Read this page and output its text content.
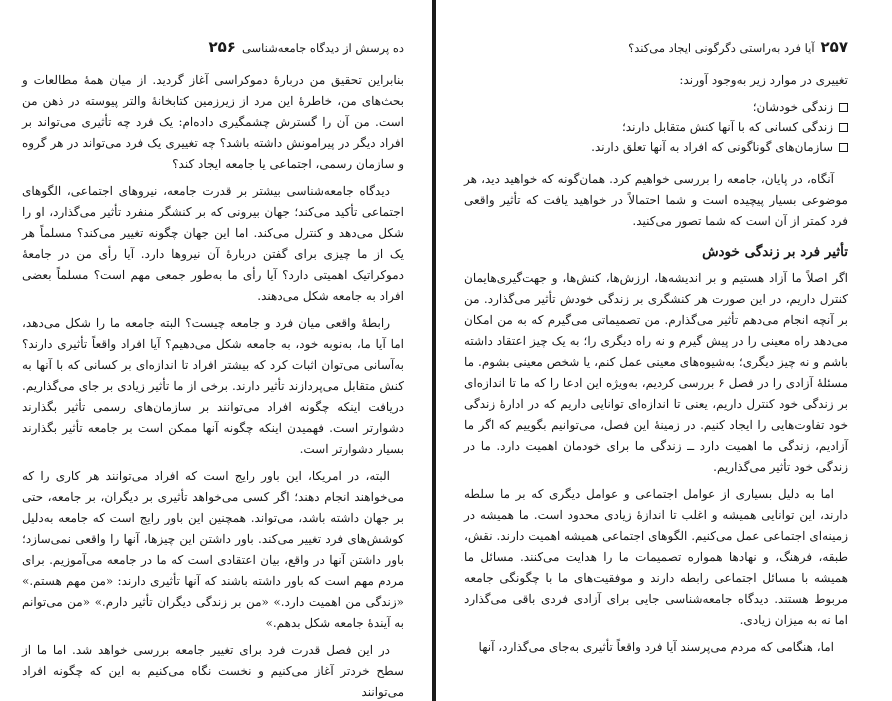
۲۵۶ ده پرسش از دیدگاه جامعه‌شناسی

بنابراین تحقیق من دربارهٔ دموکراسی آغاز گردید. از میان همهٔ مطالعات و بحث‌های من، خاطرهٔ این مرد از زیرزمین کتابخانهٔ والتر پیوسته در ذهن من است. من آن را گسترش چشمگیری داده‌ام: یک فرد چه تأثیری می‌تواند بر افراد دیگر در پیرامونش داشته باشد؟ چه تغییری یک فرد می‌تواند در هر گروه و سازمان رسمی، اجتماعی یا جامعه ایجاد کند؟

دیدگاه جامعه‌شناسی بیشتر بر قدرت جامعه، نیروهای اجتماعی، الگوهای اجتماعی تأکید می‌کند؛ جهان بیرونی که بر کنشگر منفرد تأثیر می‌گذارد، او را شکل می‌دهد و کنترل می‌کند. اما این جهان چگونه تغییر می‌کند؟ مسلماً هر یک از ما چیزی برای گفتن دربارهٔ آن نیروها دارد. آیا رأی من در جامعهٔ دموکراتیک اهمیتی دارد؟ آیا رأی ما به‌طور جمعی مهم است؟ مسلماً بعضی افراد به جامعه شکل می‌دهند.

رابطهٔ واقعی میان فرد و جامعه چیست؟ البته جامعه ما را شکل می‌دهد، اما آیا ما، به‌نوبه خود، به جامعه شکل می‌دهیم؟ آیا افراد واقعاً تأثیری دارند؟ به‌آسانی می‌توان اثبات کرد که بیشتر افراد تا اندازه‌ای بر کسانی که با آنها به کنش متقابل می‌پردازند تأثیر دارند. برخی از ما تأثیر زیادی بر جای می‌گذاریم. دریافت اینکه چگونه افراد می‌توانند بر سازمان‌های رسمی تأثیر بگذارند دشوارتر است. فهمیدن اینکه چگونه آنها ممکن است بر جامعه تأثیر بگذارند بسیار دشوارتر است.

البته، در امریکا، این باور رایج است که افراد می‌توانند هر کاری را که می‌خواهند انجام دهند؛ اگر کسی می‌خواهد تأثیری بر دیگران، بر جامعه، حتی بر جهان داشته باشد، می‌تواند. همچنین این باور رایج است که جامعه به‌دلیل کوشش‌های فرد تغییر می‌کند. باور داشتن این چیزها، آنها را واقعی نمی‌سازد؛ باور داشتن آنها در واقع، بیان اعتقادی است که ما در جامعه می‌آموزیم. برای مردم مهم است که باور داشته باشند که آنها تأثیری دارند: «من مهم هستم.» «زندگی من اهمیت دارد.» «من بر زندگی دیگران تأثیر دارم.» «من می‌توانم به آیندهٔ جامعه شکل بدهم.»

در این فصل قدرت فرد برای تغییر جامعه بررسی خواهد شد. اما ما از سطح خردتر آغاز می‌کنیم و نخست نگاه می‌کنیم به این که چگونه افراد می‌توانند

۲۵۷
آیا فرد به‌راستی دگرگونی ایجاد می‌کند؟

تغییری در موارد زیر به‌وجود آورند:

زندگی خودشان؛
زندگی کسانی که با آنها کنش متقابل دارند؛
سازمان‌های گوناگونی که افراد به آنها تعلق دارند.

آنگاه، در پایان، جامعه را بررسی خواهیم کرد. همان‌گونه که خواهید دید، هر موضوعی بسیار پیچیده است و شما احتمالاً در خواهید یافت که تأثیر واقعی فرد کمتر از آن است که شما تصور می‌کنید.

تأثیر فرد بر زندگی خودش

اگر اصلاً ما آزاد هستیم و بر اندیشه‌ها، ارزش‌ها، کنش‌ها، و جهت‌گیری‌هایمان کنترل داریم، در این صورت هر کنشگری بر زندگی خودش تأثیر می‌گذارد. من بر آنچه انجام می‌دهم تأثیر می‌گذارم. من تصمیماتی می‌گیرم که به من امکان می‌دهد راه معینی را در پیش گیرم و نه راه دیگری را؛ به یک چیز اعتقاد داشته باشم و نه چیز دیگری؛ به‌شیوه‌های معینی عمل کنم، یا شخص معینی بشوم. ما مسئلهٔ آزادی را در فصل ۶ بررسی کردیم، به‌ویژه این ادعا را که ما تا اندازه‌ای بر زندگی خود کنترل داریم، یعنی تا اندازه‌ای توانایی داریم که در ادارهٔ زندگی خود تفاوت‌هایی را ایجاد کنیم. در زمینهٔ این فصل، می‌توانیم بگوییم که اگر ما آزادیم، زندگی ما اهمیت دارد ــ زندگی ما برای خودمان اهمیت دارد. ما در زندگی خود تأثیر می‌گذاریم.

اما به دلیل بسیاری از عوامل اجتماعی و عوامل دیگری که بر ما سلطه دارند، این توانایی همیشه و اغلب تا اندازهٔ زیادی محدود است. ما همیشه در زمینه‌ای اجتماعی عمل می‌کنیم. الگوهای اجتماعی همیشه اهمیت دارند. نقش، طبقه، فرهنگ، و نهادها همواره تصمیمات ما را هدایت می‌کنند. مسائل ما همیشه با مسائل اجتماعی رابطه دارند و موفقیت‌های ما با چگونگی جامعه مربوط هستند. دیدگاه جامعه‌شناسی جایی برای آزادی فردی باقی می‌گذارد اما نه به میزان زیادی.

اما، هنگامی که مردم می‌پرسند آیا فرد واقعاً تأثیری به‌جای می‌گذارد، آنها
